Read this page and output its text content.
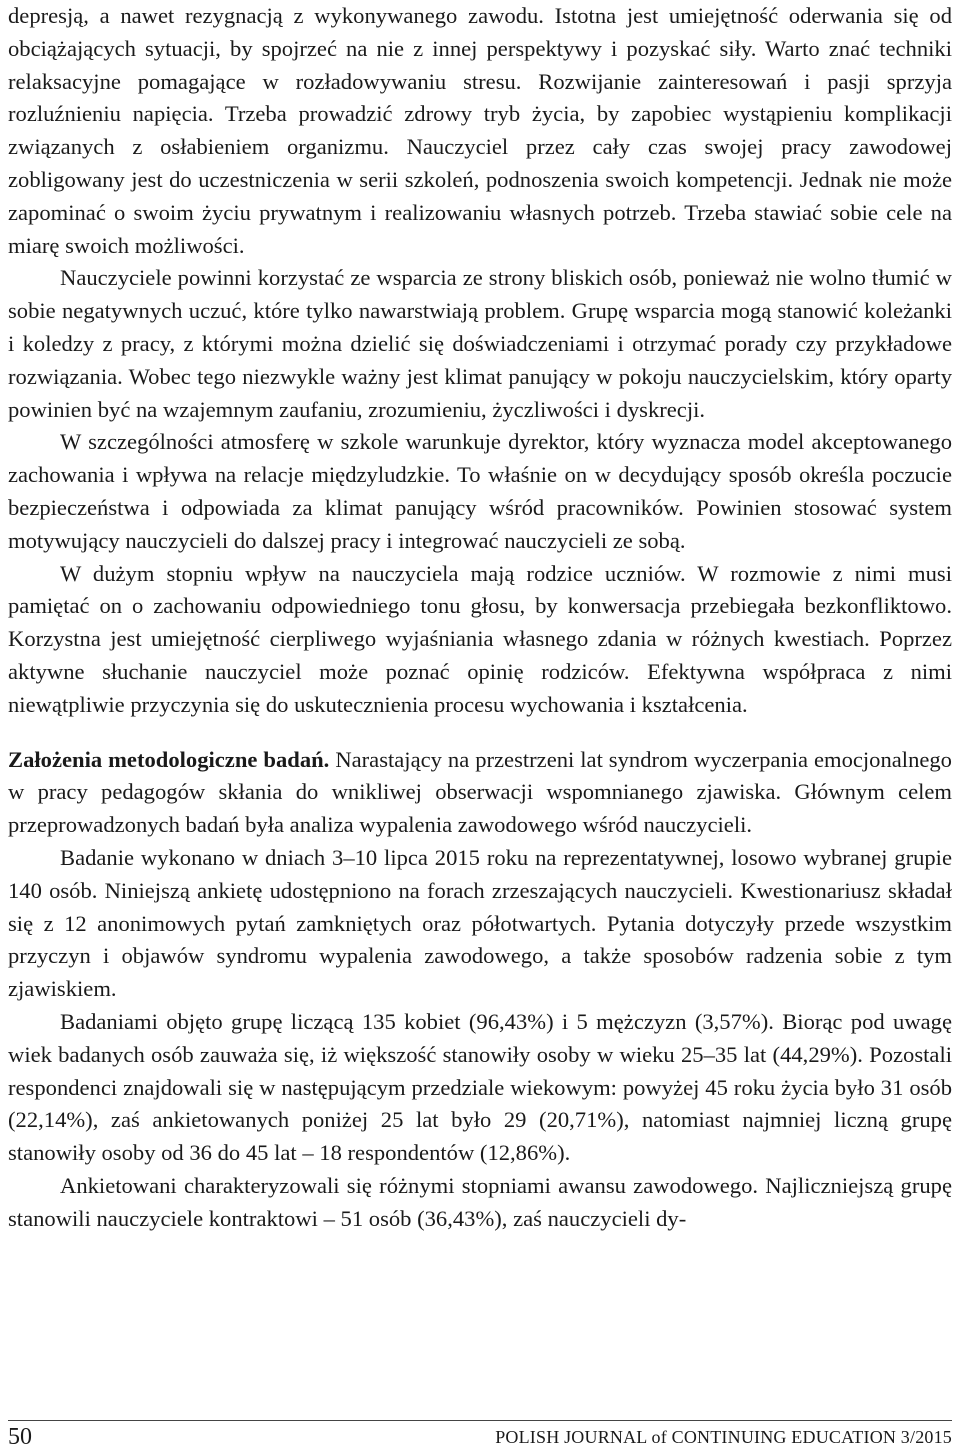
depresją, a nawet rezygnacją z wykonywanego zawodu. Istotna jest umiejętność oderwania się od obciążających sytuacji, by spojrzeć na nie z innej perspektywy i pozyskać siły. Warto znać techniki relaksacyjne pomagające w rozładowywaniu stresu. Rozwijanie zainteresowań i pasji sprzyja rozluźnieniu napięcia. Trzeba prowadzić zdrowy tryb życia, by zapobiec wystąpieniu komplikacji związanych z osłabieniem organizmu. Nauczyciel przez cały czas swojej pracy zawodowej zobligowany jest do uczestniczenia w serii szkoleń, podnoszenia swoich kompetencji. Jednak nie może zapominać o swoim życiu prywatnym i realizowaniu własnych potrzeb. Trzeba stawiać sobie cele na miarę swoich możliwości.

Nauczyciele powinni korzystać ze wsparcia ze strony bliskich osób, ponieważ nie wolno tłumić w sobie negatywnych uczuć, które tylko nawarstwiają problem. Grupę wsparcia mogą stanowić koleżanki i koledzy z pracy, z którymi można dzielić się doświadczeniami i otrzymać porady czy przykładowe rozwiązania. Wobec tego niezwykle ważny jest klimat panujący w pokoju nauczycielskim, który oparty powinien być na wzajemnym zaufaniu, zrozumieniu, życzliwości i dyskrecji.

W szczególności atmosferę w szkole warunkuje dyrektor, który wyznacza model akceptowanego zachowania i wpływa na relacje międzyludzkie. To właśnie on w decydujący sposób określa poczucie bezpieczeństwa i odpowiada za klimat panujący wśród pracowników. Powinien stosować system motywujący nauczycieli do dalszej pracy i integrować nauczycieli ze sobą.

W dużym stopniu wpływ na nauczyciela mają rodzice uczniów. W rozmowie z nimi musi pamiętać on o zachowaniu odpowiedniego tonu głosu, by konwersacja przebiegała bezkonfliktowo. Korzystna jest umiejętność cierpliwego wyjaśniania własnego zdania w różnych kwestiach. Poprzez aktywne słuchanie nauczyciel może poznać opinię rodziców. Efektywna współpraca z nimi niewątpliwie przyczynia się do uskutecznienia procesu wychowania i kształcenia.

Założenia metodologiczne badań. Narastający na przestrzeni lat syndrom wyczerpania emocjonalnego w pracy pedagogów skłania do wnikliwej obserwacji wspomnianego zjawiska. Głównym celem przeprowadzonych badań była analiza wypalenia zawodowego wśród nauczycieli.

Badanie wykonano w dniach 3–10 lipca 2015 roku na reprezentatywnej, losowo wybranej grupie 140 osób. Niniejszą ankietę udostępniono na forach zrzeszających nauczycieli. Kwestionariusz składał się z 12 anonimowych pytań zamkniętych oraz półotwartych. Pytania dotyczyły przede wszystkim przyczyn i objawów syndromu wypalenia zawodowego, a także sposobów radzenia sobie z tym zjawiskiem.

Badaniami objęto grupę liczącą 135 kobiet (96,43%) i 5 mężczyzn (3,57%). Biorąc pod uwagę wiek badanych osób zauważa się, iż większość stanowiły osoby w wieku 25–35 lat (44,29%). Pozostali respondenci znajdowali się w następującym przedziale wiekowym: powyżej 45 roku życia było 31 osób (22,14%), zaś ankietowanych poniżej 25 lat było 29 (20,71%), natomiast najmniej liczną grupę stanowiły osoby od 36 do 45 lat – 18 respondentów (12,86%).

Ankietowani charakteryzowali się różnymi stopniami awansu zawodowego. Najliczniejszą grupę stanowili nauczyciele kontraktowi – 51 osób (36,43%), zaś nauczycieli dy-

50	POLISH JOURNAL of CONTINUING EDUCATION 3/2015
